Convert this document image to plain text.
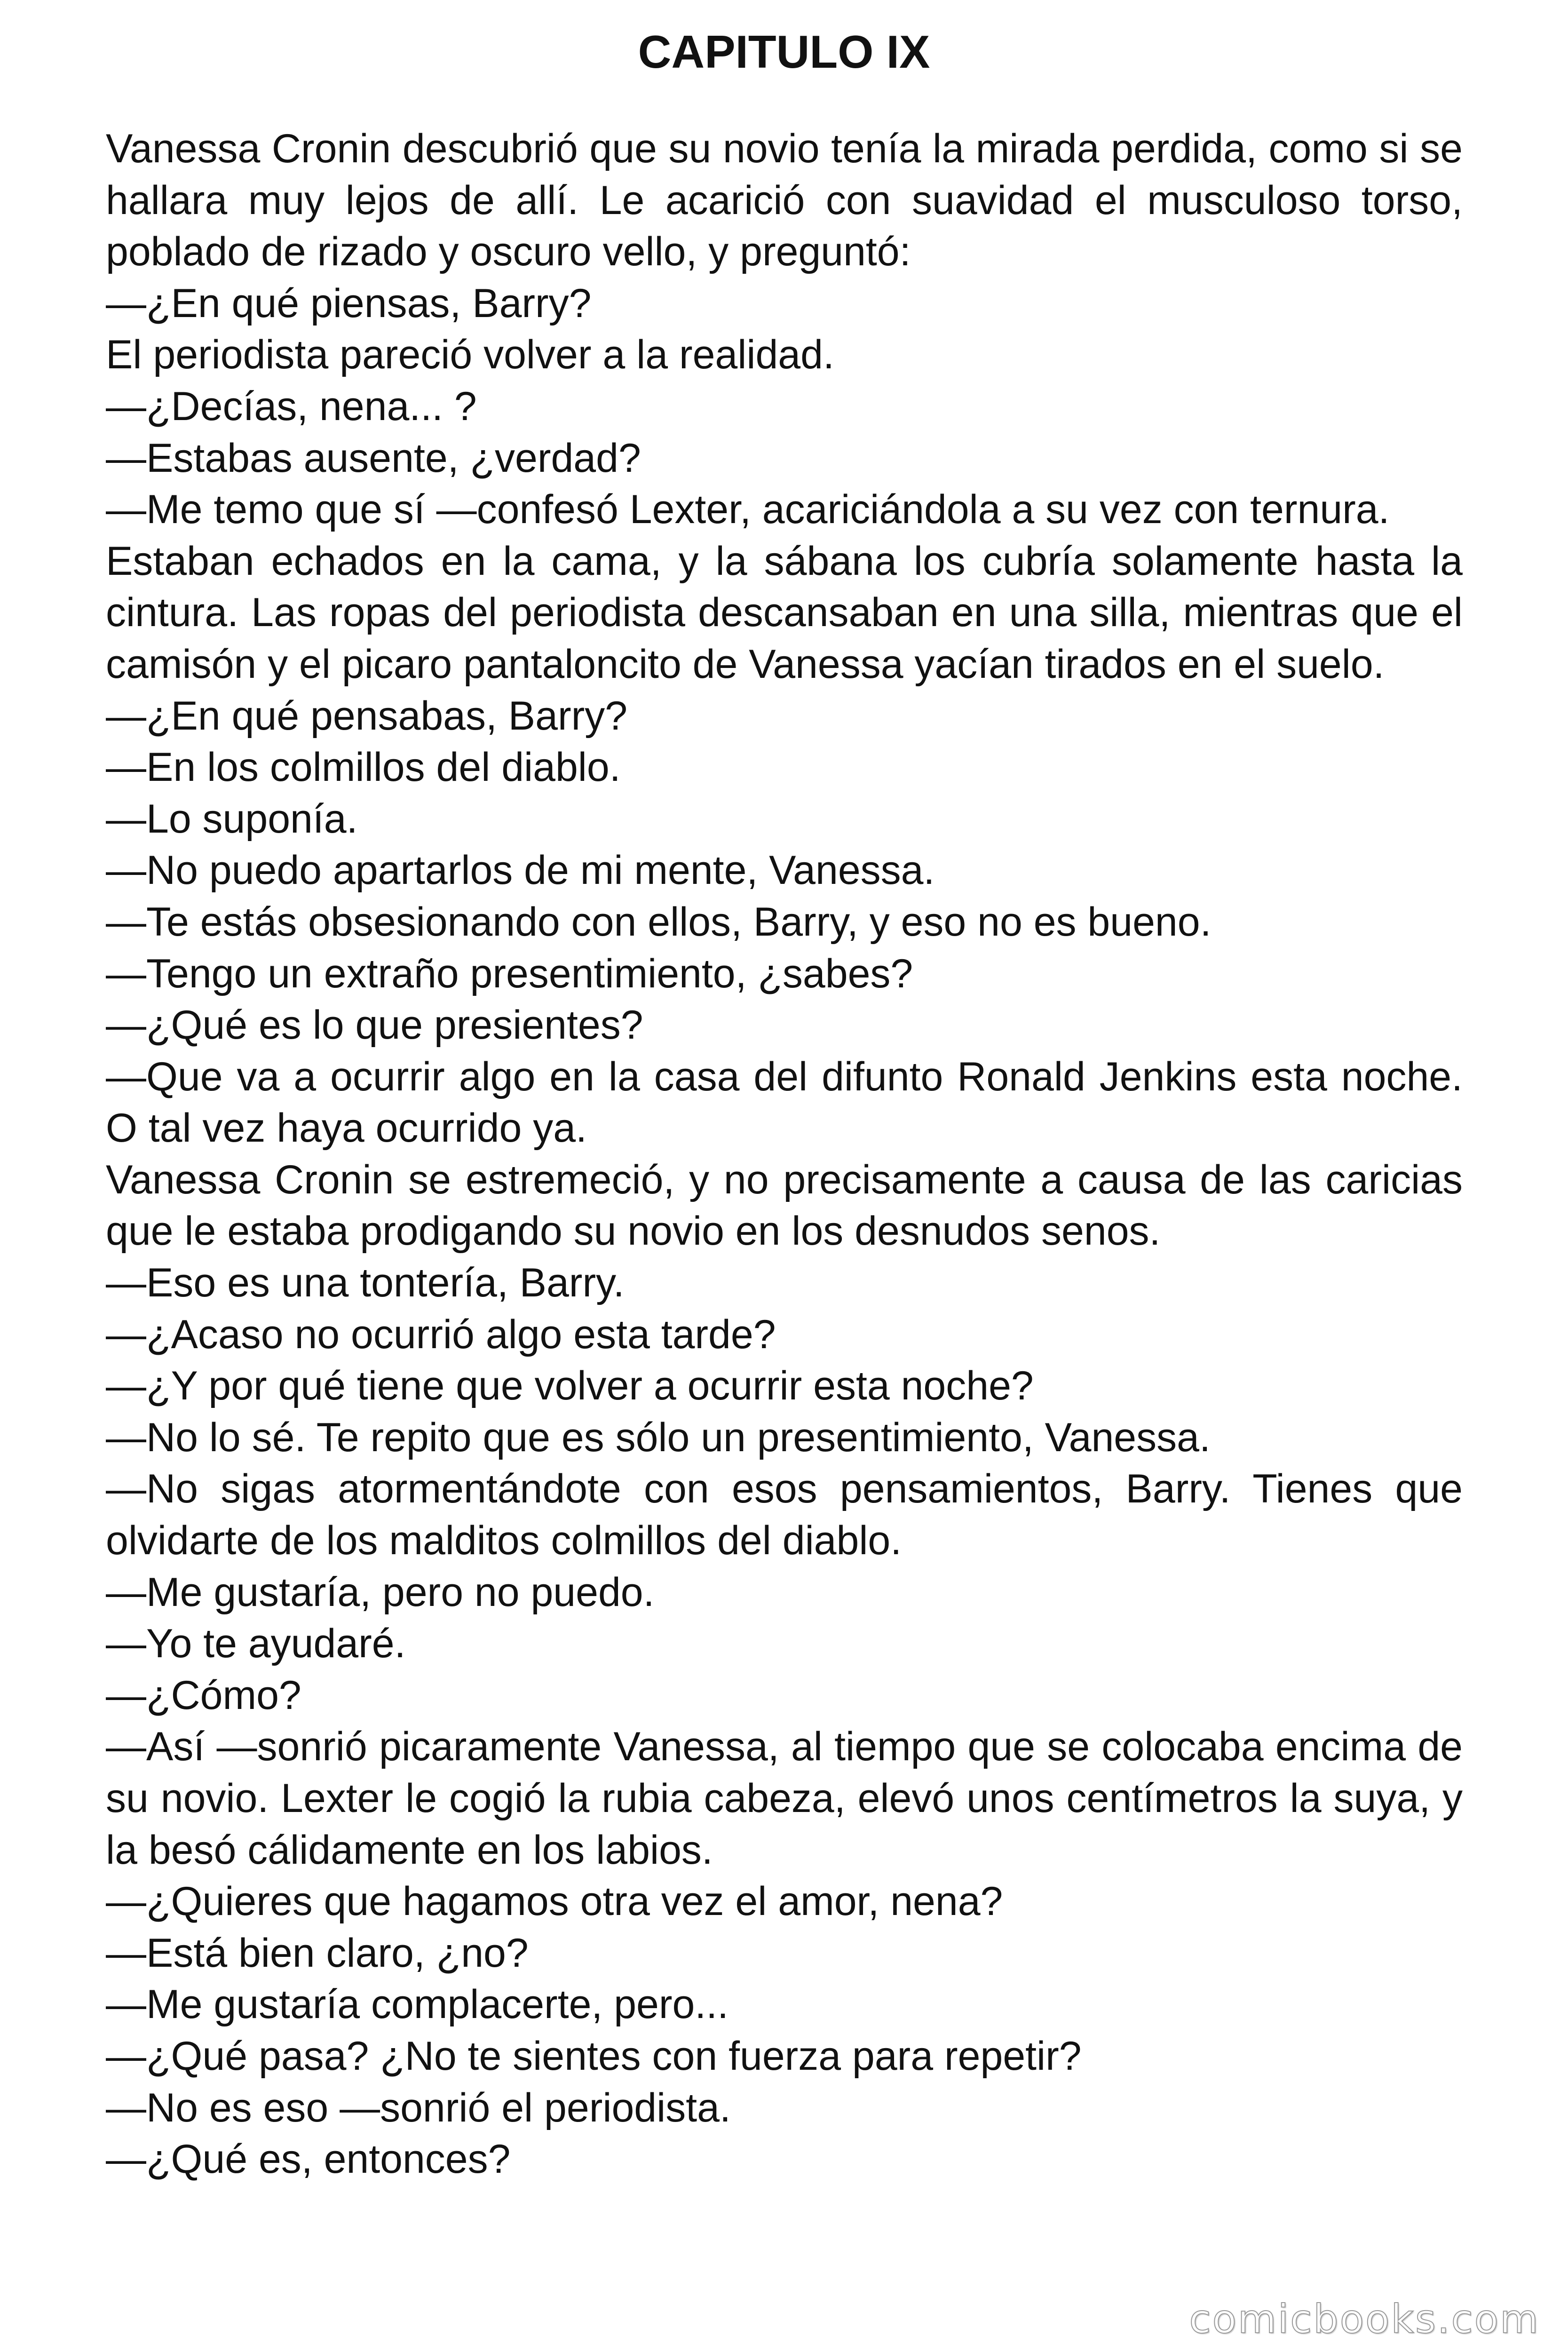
CAPITULO IX

Vanessa Cronin descubrió que su novio tenía la mirada perdida, como si se hallara muy lejos de allí. Le acarició con suavidad el musculoso torso, poblado de rizado y oscuro vello, y preguntó:

—¿En qué piensas, Barry?

El periodista pareció volver a la realidad.

—¿Decías, nena... ?

—Estabas ausente, ¿verdad?

—Me temo que sí —confesó Lexter, acariciándola a su vez con ternura.

Estaban echados en la cama, y la sábana los cubría solamente hasta la cintura. Las ropas del periodista descansaban en una silla, mientras que el camisón y el picaro pantaloncito de Vanessa yacían tirados en el suelo.

—¿En qué pensabas, Barry?

—En los colmillos del diablo.

—Lo suponía.

—No puedo apartarlos de mi mente, Vanessa.

—Te estás obsesionando con ellos, Barry, y eso no es bueno.

—Tengo un extraño presentimiento, ¿sabes?

—¿Qué es lo que presientes?

—Que va a ocurrir algo en la casa del difunto Ronald Jenkins esta noche. O tal vez haya ocurrido ya.

Vanessa Cronin se estremeció, y no precisamente a causa de las caricias que le estaba prodigando su novio en los desnudos senos.

—Eso es una tontería, Barry.

—¿Acaso no ocurrió algo esta tarde?

—¿Y por qué tiene que volver a ocurrir esta noche?

—No lo sé. Te repito que es sólo un presentimiento, Vanessa.

—No sigas atormentándote con esos pensamientos, Barry. Tienes que olvidarte de los malditos colmillos del diablo.

—Me gustaría, pero no puedo.

—Yo te ayudaré.

—¿Cómo?

—Así —sonrió picaramente Vanessa, al tiempo que se colocaba encima de su novio. Lexter le cogió la rubia cabeza, elevó unos centímetros la suya, y la besó cálidamente en los labios.

—¿Quieres que hagamos otra vez el amor, nena?

—Está bien claro, ¿no?

—Me gustaría complacerte, pero...

—¿Qué pasa? ¿No te sientes con fuerza para repetir?

—No es eso —sonrió el periodista.

—¿Qué es, entonces?

comicbooks.com
